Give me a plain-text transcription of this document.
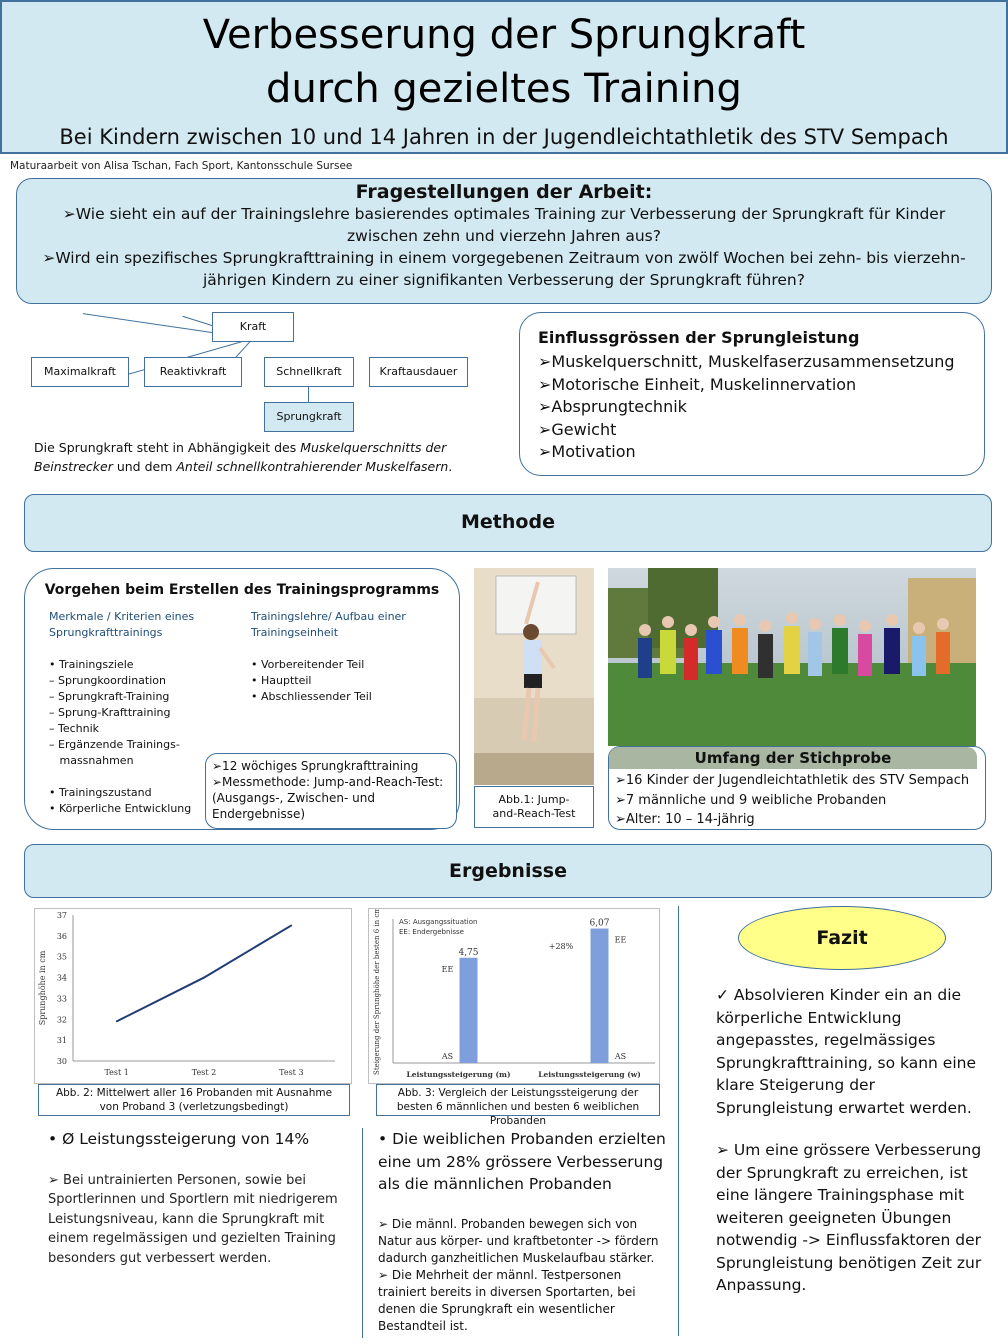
Verbesserung der Sprungkraft
durch gezieltes Training
Bei Kindern zwischen 10 und 14 Jahren in der Jugendleichtathletik des STV Sempach
Maturaarbeit von Alisa Tschan, Fach Sport, Kantonsschule Sursee
Fragestellungen der Arbeit:
➢Wie sieht ein auf der Trainingslehre basierendes optimales Training zur Verbesserung der Sprungkraft für Kinder zwischen zehn und vierzehn Jahren aus?
➢Wird ein spezifisches Sprungkrafttraining in einem vorgegebenen Zeitraum von zwölf Wochen bei zehn- bis vierzehn-jährigen Kindern zu einer signifikanten Verbesserung der Sprungkraft führen?
Kraft
Maximalkraft	Reaktivkraft	Schnellkraft	Kraftausdauer
Sprungkraft
Die Sprungkraft steht in Abhängigkeit des Muskelquerschnitts der Beinstrecker und dem Anteil schnellkontrahierender Muskelfasern.
Einflussgrössen der Sprungleistung
➢Muskelquerschnitt, Muskelfaserzusammensetzung
➢Motorische Einheit, Muskelinnervation
➢Absprungtechnik
➢Gewicht
➢Motivation
Methode
Vorgehen beim Erstellen des Trainingsprogramms
Merkmale / Kriterien eines Sprungkrafttrainings
• Trainingsziele
– Sprungkoordination
– Sprungkraft-Training
– Sprung-Krafttraining
– Technik
– Ergänzende Trainings-
massnahmen
• Trainingszustand
• Körperliche Entwicklung
Trainingslehre/ Aufbau einer Trainingseinheit
• Vorbereitender Teil
• Hauptteil
• Abschliessender Teil
➢12 wöchiges Sprungkrafttraining
➢Messmethode: Jump-and-Reach-Test: (Ausgangs-, Zwischen- und Endergebnisse)
Abb.1: Jump-and-Reach-Test
Umfang der Stichprobe
➢16 Kinder der Jugendleichtathletik des STV Sempach
➢7 männliche und 9 weibliche Probanden
➢Alter: 10 – 14-jährig
Ergebnisse
30
31
32
33
34
35
36
37
Test 1	Test 2	Test 3
Sprunghöhe in cm
Abb. 2: Mittelwert aller 16 Probanden mit Ausnahme von Proband 3 (verletzungsbedingt)
AS: Ausgangssituation
EE: Endergebnisse
4,75
EE
AS
Leistungssteigerung (m)
6,07
EE
AS
Leistungssteigerung (w)
+28%
Steigerung der Sprunghöhe der besten 6 in cm
Abb. 3: Vergleich der Leistungssteigerung der besten 6 männlichen und besten 6 weiblichen Probanden
• Ø Leistungssteigerung von 14%
➢ Bei untrainierten Personen, sowie bei Sportlerinnen und Sportlern mit niedrigerem Leistungsniveau, kann die Sprungkraft mit einem regelmässigen und gezielten Training besonders gut verbessert werden.
• Die weiblichen Probanden erzielten eine um 28% grössere Verbesserung als die männlichen Probanden
➢ Die männl. Probanden bewegen sich von Natur aus körper- und kraftbetonter -> fördern dadurch ganzheitlichen Muskelaufbau stärker.
➢ Die Mehrheit der männl. Testpersonen trainiert bereits in diversen Sportarten, bei denen die Sprungkraft ein wesentlicher Bestandteil ist.
Fazit
✓ Absolvieren Kinder ein an die körperliche Entwicklung angepasstes, regelmässiges Sprungkrafttraining, so kann eine klare Steigerung der Sprungleistung erwartet werden.
➢ Um eine grössere Verbesserung der Sprungkraft zu erreichen, ist eine längere Trainingsphase mit weiteren geeigneten Übungen notwendig -> Einflussfaktoren der Sprungleistung benötigen Zeit zur Anpassung.
